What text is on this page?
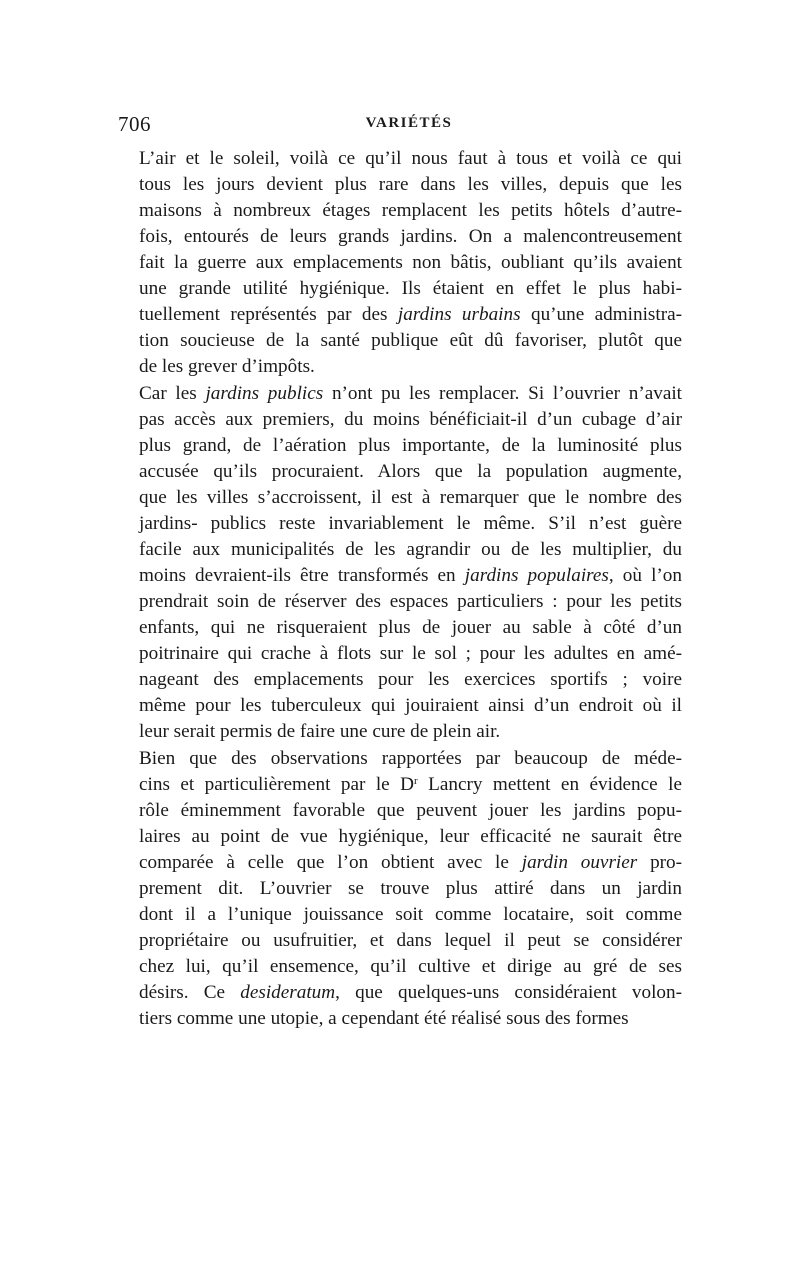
706	VARIÉTÉS

L’air et le soleil, voilà ce qu’il nous faut à tous et voilà ce qui
tous les jours devient plus rare dans les villes, depuis que les
maisons à nombreux étages remplacent les petits hôtels d’autre-
fois, entourés de leurs grands jardins. On a malencontreusement
fait la guerre aux emplacements non bâtis, oubliant qu’ils avaient
une grande utilité hygiénique. Ils étaient en effet le plus habi-
tuellement représentés par des jardins urbains qu’une administra-
tion soucieuse de la santé publique eût dû favoriser, plutôt que
de les grever d’impôts.

Car les jardins publics n’ont pu les remplacer. Si l’ouvrier n’avait
pas accès aux premiers, du moins bénéficiait-il d’un cubage d’air
plus grand, de l’aération plus importante, de la luminosité plus
accusée qu’ils procuraient. Alors que la population augmente,
que les villes s’accroissent, il est à remarquer que le nombre des
jardins- publics reste invariablement le même. S’il n’est guère
facile aux municipalités de les agrandir ou de les multiplier, du
moins devraient-ils être transformés en jardins populaires, où l’on
prendrait soin de réserver des espaces particuliers : pour les petits
enfants, qui ne risqueraient plus de jouer au sable à côté d’un
poitrinaire qui crache à flots sur le sol ; pour les adultes en amé-
nageant des emplacements pour les exercices sportifs ; voire
même pour les tuberculeux qui jouiraient ainsi d’un endroit où il
leur serait permis de faire une cure de plein air.

Bien que des observations rapportées par beaucoup de méde-
cins et particulièrement par le $D^r$ Lancry mettent en évidence le
rôle éminemment favorable que peuvent jouer les jardins popu-
laires au point de vue hygiénique, leur efficacité ne saurait être
comparée à celle que l’on obtient avec le jardin ouvrier pro-
prement dit. L’ouvrier se trouve plus attiré dans un jardin
dont il a l’unique jouissance soit comme locataire, soit comme
propriétaire ou usufruitier, et dans lequel il peut se considérer
chez lui, qu’il ensemence, qu’il cultive et dirige au gré de ses
désirs. Ce desideratum, que quelques-uns considéraient volon-
tiers comme une utopie, a cependant été réalisé sous des formes
